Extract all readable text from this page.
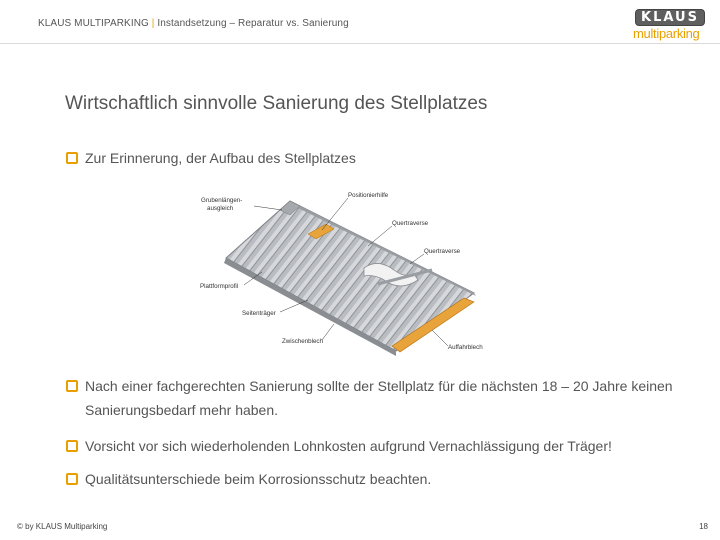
KLAUS MULTIPARKING | Instandsetzung – Reparatur vs. Sanierung	KLAUS
multiparking
Wirtschaftlich sinnvolle Sanierung des Stellplatzes
Zur Erinnerung, der Aufbau des Stellplatzes
Grubenlängen-
ausgleich
Positionierhilfe
Quertraverse
Quertraverse
Plattformprofil
Seitenträger
Zwischenblech
Auffahrblech
Nach einer fachgerechten Sanierung sollte der Stellplatz für die nächsten 18 – 20 Jahre keinen Sanierungsbedarf mehr haben.
Vorsicht vor sich wiederholenden Lohnkosten aufgrund Vernachlässigung der Träger!
Qualitätsunterschiede beim Korrosionsschutz beachten.
© by KLAUS Multiparking	18
